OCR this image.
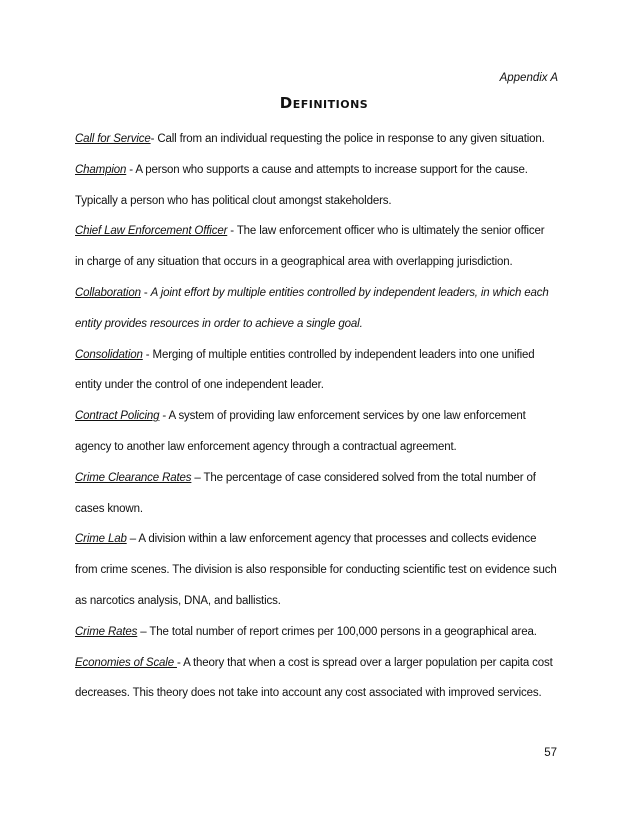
Appendix A
Definitions
Call for Service- Call from an individual requesting the police in response to any given situation.
Champion - A person who supports a cause and attempts to increase support for the cause.
Typically a person who has political clout amongst stakeholders.
Chief Law Enforcement Officer - The law enforcement officer who is ultimately the senior officer
in charge of any situation that occurs in a geographical area with overlapping jurisdiction.
Collaboration - A joint effort by multiple entities controlled by independent leaders, in which each
entity provides resources in order to achieve a single goal.
Consolidation - Merging of multiple entities controlled by independent leaders into one unified
entity under the control of one independent leader.
Contract Policing - A system of providing law enforcement services by one law enforcement
agency to another law enforcement agency through a contractual agreement.
Crime Clearance Rates – The percentage of case considered solved from the total number of
cases known.
Crime Lab – A division within a law enforcement agency that processes and collects evidence
from crime scenes. The division is also responsible for conducting scientific test on evidence such
as narcotics analysis, DNA, and ballistics.
Crime Rates – The total number of report crimes per 100,000 persons in a geographical area.
Economies of Scale - A theory that when a cost is spread over a larger population per capita cost
decreases. This theory does not take into account any cost associated with improved services.
57
